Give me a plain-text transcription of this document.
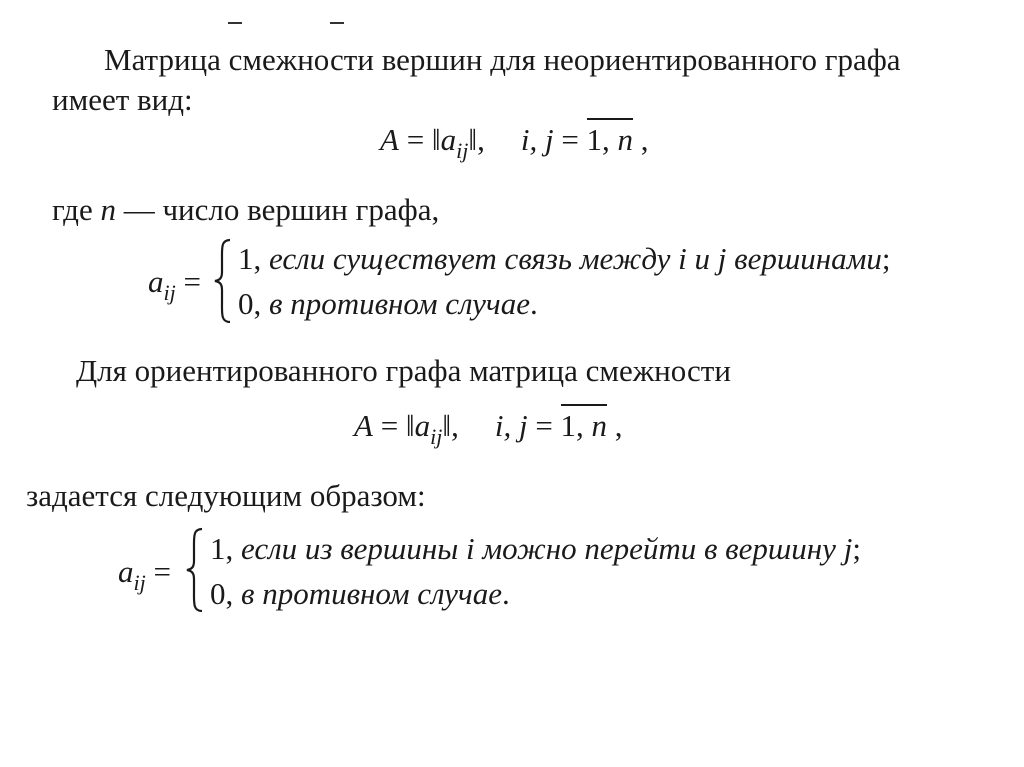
Матрица смежности вершин для неориентированного графа
имеет вид:
$A = ‖a_{ij}‖$, i, j = 1, n ,
где n — число вершин графа,
$a_{ij}$ =
1, если существует связь между i и j вершинами;
0, в противном случае.
Для ориентированного графа матрица смежности
$A = ‖a_{ij}‖$, i, j = 1, n ,
задается следующим образом:
$a_{ij}$ =
1, если из вершины i можно перейти в вершину j;
0, в противном случае.
